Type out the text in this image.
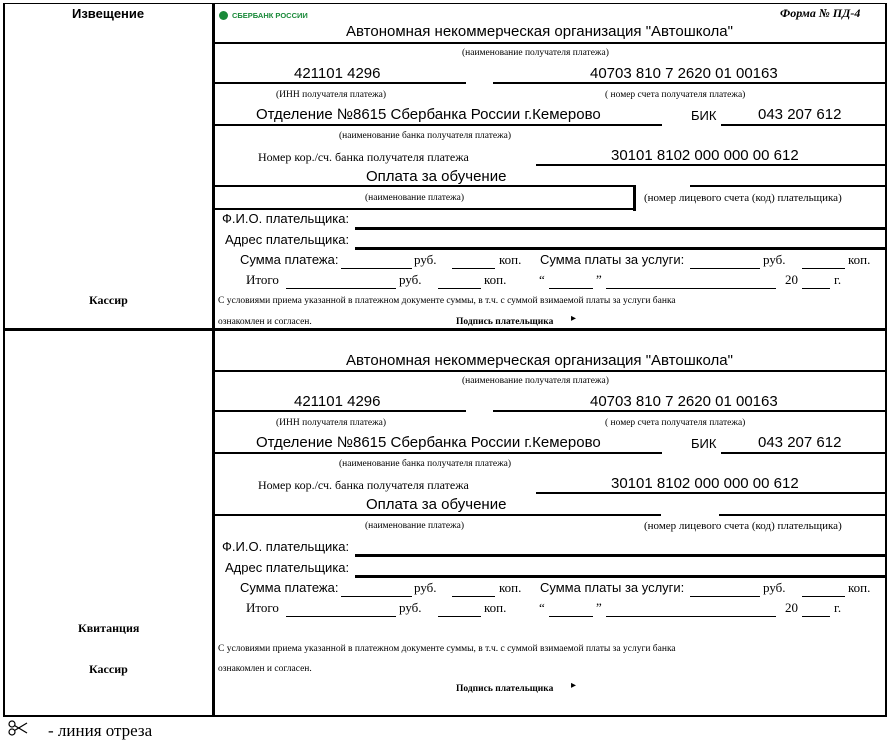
Извещение
Кассир
Квитанция
Кассир
СБЕРБАНК РОССИИ	Форма № ПД-4
Автономная некоммерческая организация "Автошкола"
(наименование получателя платежа)
421101 4296	40703 810 7 2620 01 00163
(ИНН получателя платежа)	( номер счета получателя платежа)
Отделение №8615 Сбербанка России г.Кемерово	БИК	043 207 612
(наименование банка получателя платежа)
Номер кор./сч. банка получателя платежа	30101 8102 000 000 00 612
Оплата за обучение
(наименование платежа)	(номер лицевого счета (код) плательщика)
Ф.И.О. плательщика:
Адрес плательщика:
Сумма платежа:	руб.	коп. Сумма платы за услуги:	руб.	коп.
Итого	руб.	коп.	“	”	20	г.
С условиями приема указанной в платежном документе суммы, в т.ч. с суммой взимаемой платы за услуги банка
ознакомлен и согласен.	Подпись плательщика ▸
Автономная некоммерческая организация "Автошкола"
(наименование получателя платежа)
421101 4296	40703 810 7 2620 01 00163
(ИНН получателя платежа)	( номер счета получателя платежа)
Отделение №8615 Сбербанка России г.Кемерово	БИК	043 207 612
(наименование банка получателя платежа)
Номер кор./сч. банка получателя платежа	30101 8102 000 000 00 612
Оплата за обучение
(наименование платежа)	(номер лицевого счета (код) плательщика)
Ф.И.О. плательщика:
Адрес плательщика:
Сумма платежа:	руб.	коп. Сумма платы за услуги:	руб.	коп.
Итого	руб.	коп.	“	”	20	г.
С условиями приема указанной в платежном документе суммы, в т.ч. с суммой взимаемой платы за услуги банка
ознакомлен и согласен.
Подпись плательщика ▸
- линия отреза
